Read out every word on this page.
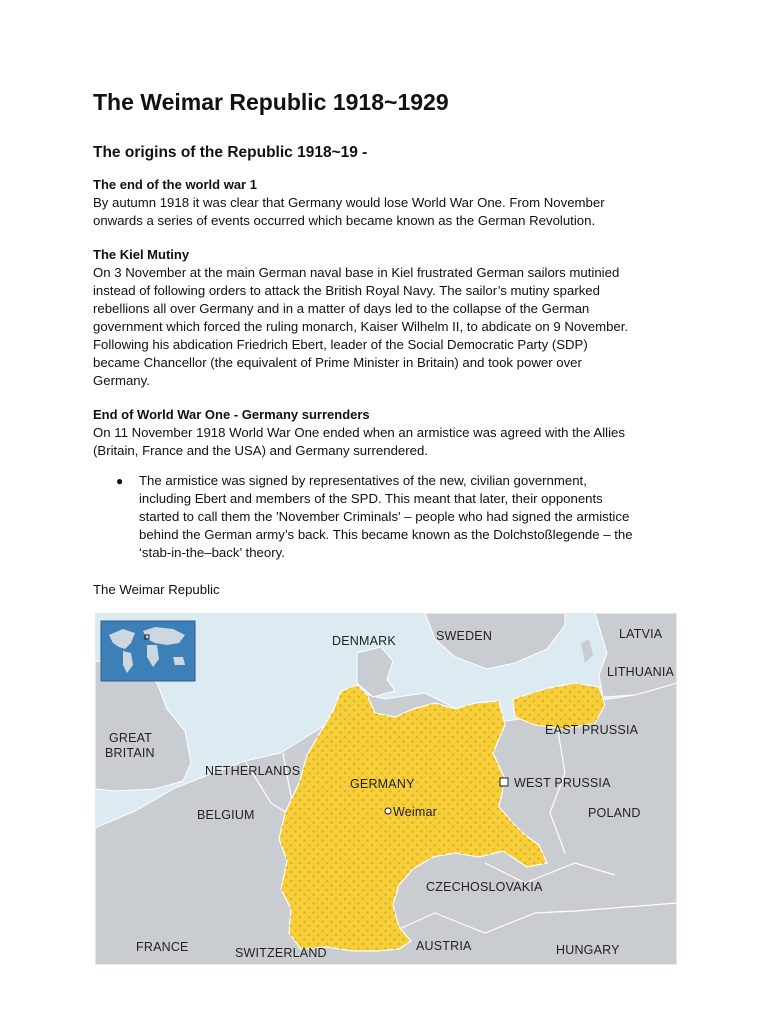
The Weimar Republic 1918~1929
The origins of the Republic 1918~19 -
The end of the world war 1

By autumn 1918 it was clear that Germany would lose World War One. From November

onwards a series of events occurred which became known as the German Revolution.

The Kiel Mutiny

On 3 November at the main German naval base in Kiel frustrated German sailors mutinied

instead of following orders to attack the British Royal Navy. The sailor’s mutiny sparked

rebellions all over Germany and in a matter of days led to the collapse of the German

government which forced the ruling monarch, Kaiser Wilhelm II, to abdicate on 9 November.

Following his abdication Friedrich Ebert, leader of the Social Democratic Party (SDP)

became Chancellor (the equivalent of Prime Minister in Britain) and took power over

Germany.

End of World War One - Germany surrenders

On 11 November 1918 World War One ended when an armistice was agreed with the Allies

(Britain, France and the USA) and Germany surrendered.

● The armistice was signed by representatives of the new, civilian government,
including Ebert and members of the SPD. This meant that later, their opponents
started to call them the 'November Criminals' – people who had signed the armistice
behind the German army’s back. This became known as the Dolchstoßlegende – the
‘stab-in-the–back’ theory.
The Weimar Republic
DENMARK	SWEDEN	LATVIA
LITHUANIA
GREAT
BRITAIN
EAST PRUSSIA
NETHERLANDS
GERMANY	WEST PRUSSIA
BELGIUM	Weimar	POLAND
CZECHOSLOVAKIA
FRANCE	SWITZERLAND	AUSTRIA	HUNGARY
